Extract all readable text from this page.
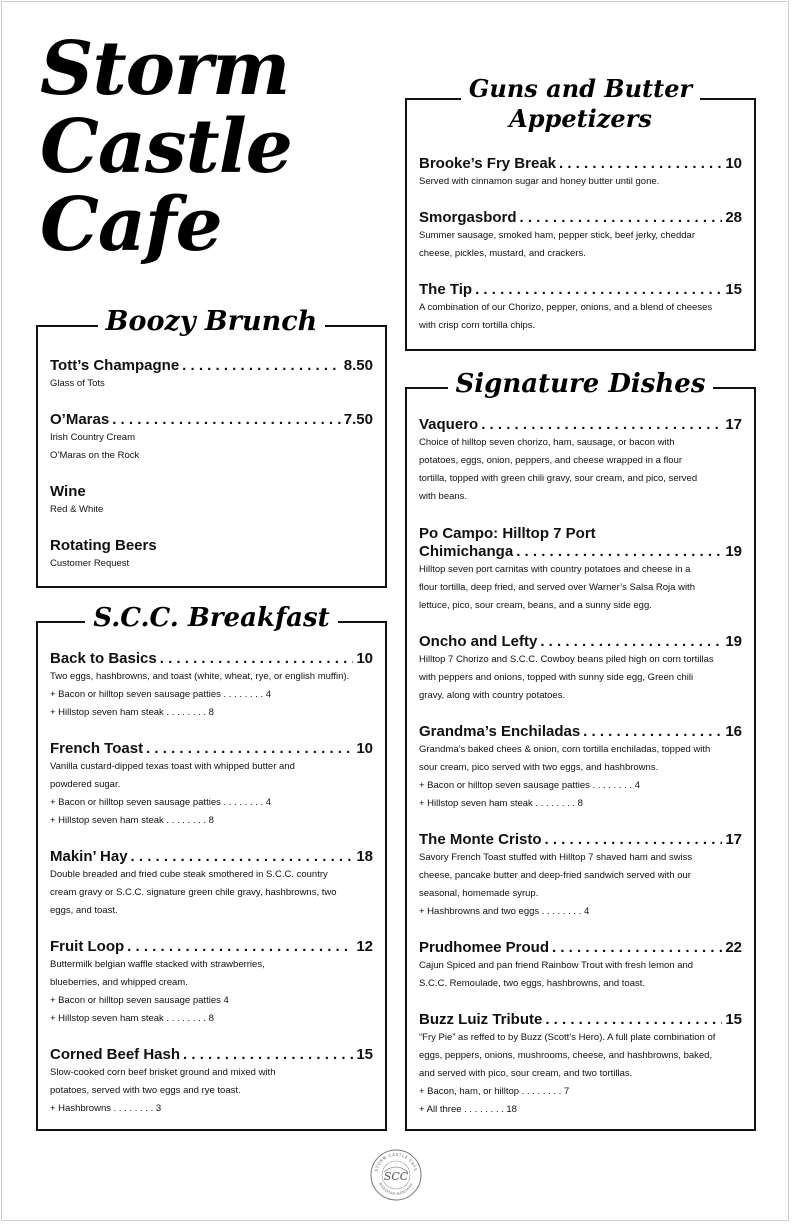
Storm
Castle
Cafe
Boozy Brunch
Tott’s Champagne . . .	8.50
Glass of Tots
O’Maras . . .	7.50
Irish Country Cream
O’Maras on the Rock
Wine
Red & White
Rotating Beers
Customer Request
S.C.C. Breakfast
Back to Basics . . .	10
Two eggs, hashbrowns, and toast (white, wheat, rye, or english muffin).
+ Bacon or hilltop seven sausage patties . . . . . . . . 4
+ Hillstop seven ham steak . . . . . . . . 8
French Toast . . .	10
Vanilla custard-dipped texas toast with whipped butter and
powdered sugar.
+ Bacon or hilltop seven sausage patties . . . . . . . . 4
+ Hillstop seven ham steak . . . . . . . . 8
Makin’ Hay . . .	18
Double breaded and fried cube steak smothered in S.C.C. country
cream gravy or S.C.C. signature green chile gravy, hashbrowns, two
eggs, and toast.
Fruit Loop . . .	12
Buttermilk belgian waffle stacked with strawberries,
blueberries, and whipped cream.
+ Bacon or hilltop seven sausage patties 4
+ Hillstop seven ham steak . . . . . . . . 8
Corned Beef Hash . . .	15
Slow-cooked corn beef brisket ground and mixed with
potatoes, served with two eggs and rye toast.
+ Hashbrowns . . . . . . . . 3
Guns and Butter
Appetizers
Brooke’s Fry Break . . .	10
Served with cinnamon sugar and honey butter until gone.
Smorgasbord . . .	28
Summer sausage, smoked ham, pepper stick, beef jerky, cheddar
cheese, pickles, mustard, and crackers.
The Tip . . .	15
A combination of our Chorizo, pepper, onions, and a blend of cheeses
with crisp corn tortilla chips.
Signature Dishes
Vaquero . . .	17
Choice of hilltop seven chorizo, ham, sausage, or bacon with
potatoes, eggs, onion, peppers, and cheese wrapped in a flour
tortilla, topped with green chili gravy, sour cream, and pico, served
with beans.
Po Campo: Hilltop 7 Port
Chimichanga . . .	19
Hilltop seven port carnitas with country potatoes and cheese in a
flour tortilla, deep fried, and served over Warner’s Salsa Roja with
lettuce, pico, sour cream, beans, and a sunny side egg.
Oncho and Lefty . . .	19
Hilltop 7 Chorizo and S.C.C. Cowboy beans piled high on corn tortillas
with peppers and onions, topped with sunny side egg, Green chili
gravy, along with country potatoes.
Grandma’s Enchiladas . . .	16
Grandma’s baked chees & onion, corn tortilla enchiladas, topped with
sour cream, pico served with two eggs, and hashbrowns.
+ Bacon or hilltop seven sausage patties . . . . . . . . 4
+ Hillstop seven ham steak . . . . . . . . 8
The Monte Cristo . . .	17
Savory French Toast stuffed with Hilltop 7 shaved ham and swiss
cheese, pancake butter and deep-fried sandwich served with our
seasonal, homemade syrup.
+ Hashbrowns and two eggs . . . . . . . . 4
Prudhomee Proud . . .	22
Cajun Spiced and pan friend Rainbow Trout with fresh lemon and
S.C.C. Remoulade, two eggs, hashbrowns, and toast.
Buzz Luiz Tribute . . .	15
“Fry Pie” as reffed to by Buzz (Scott’s Hero). A full plate combination of
eggs, peppers, onions, mushrooms, cheese, and hashbrowns, baked,
and served with pico, sour cream, and two tortillas.
+ Bacon, ham, or hilltop . . . . . . . . 7
+ All three . . . . . . . . 18
STORM CASTLE CAFE
BOZEMAN MONTANA
SCC
